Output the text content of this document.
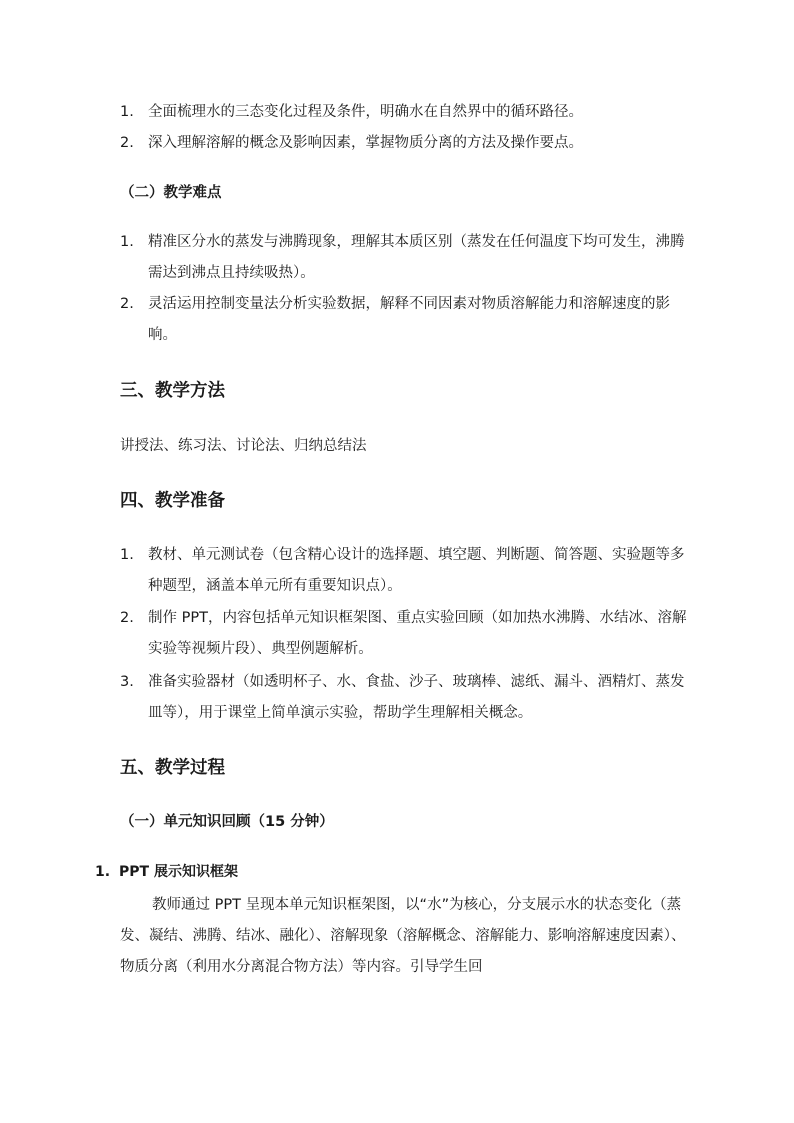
1. 全面梳理水的三态变化过程及条件，明确水在自然界中的循环路径。
2. 深入理解溶解的概念及影响因素，掌握物质分离的方法及操作要点。
（二）教学难点
1. 精准区分水的蒸发与沸腾现象，理解其本质区别（蒸发在任何温度下均可发生，沸腾需达到沸点且持续吸热）。
2. 灵活运用控制变量法分析实验数据，解释不同因素对物质溶解能力和溶解速度的影响。
三、教学方法
讲授法、练习法、讨论法、归纳总结法
四、教学准备
1. 教材、单元测试卷（包含精心设计的选择题、填空题、判断题、简答题、实验题等多种题型，涵盖本单元所有重要知识点）。
2. 制作 PPT，内容包括单元知识框架图、重点实验回顾（如加热水沸腾、水结冰、溶解实验等视频片段）、典型例题解析。
3. 准备实验器材（如透明杯子、水、食盐、沙子、玻璃棒、滤纸、漏斗、酒精灯、蒸发皿等），用于课堂上简单演示实验，帮助学生理解相关概念。
五、教学过程
（一）单元知识回顾（15 分钟）
1. PPT 展示知识框架
教师通过 PPT 呈现本单元知识框架图，以“水”为核心，分支展示水的状态变化（蒸发、凝结、沸腾、结冰、融化）、溶解现象（溶解概念、溶解能力、影响溶解速度因素）、物质分离（利用水分离混合物方法）等内容。引导学生回
